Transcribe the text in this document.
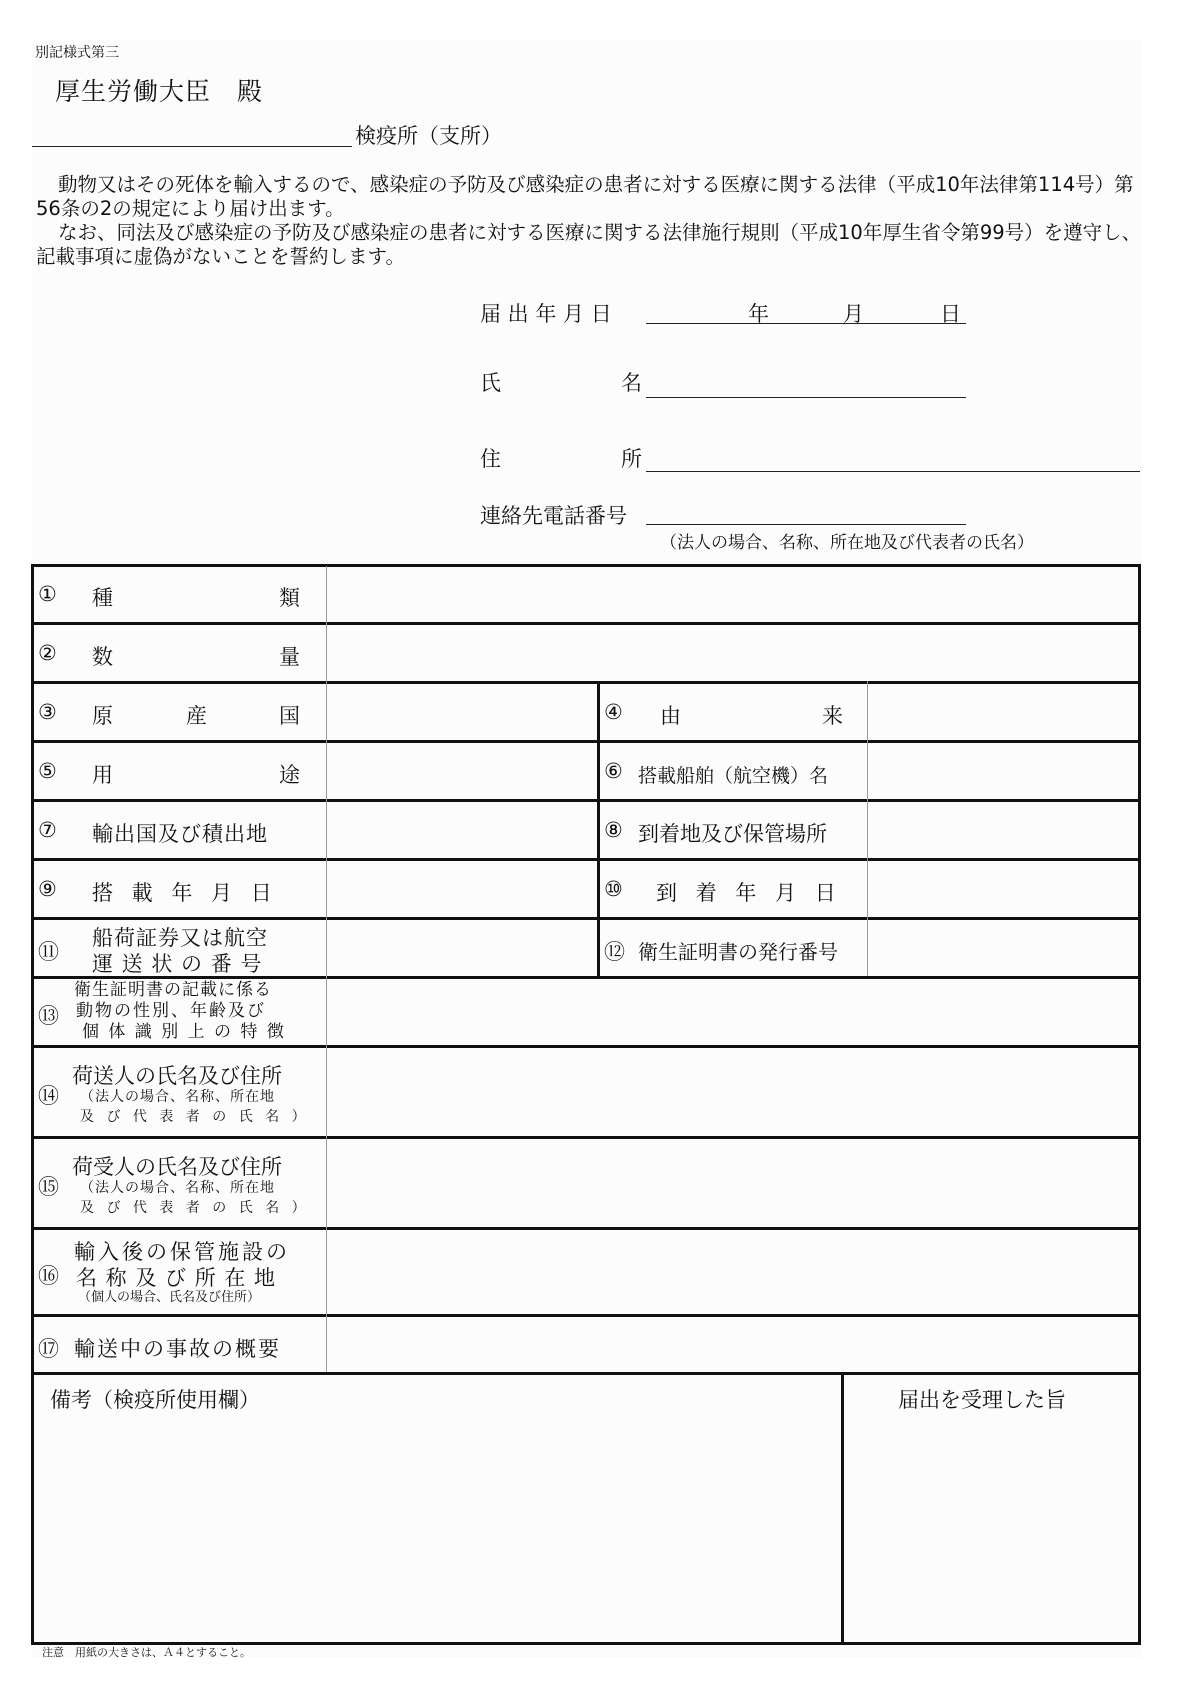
別記様式第三
厚生労働大臣　殿
検疫所（支所）
動物又はその死体を輸入するので、感染症の予防及び感染症の患者に対する医療に関する法律（平成10年法律第114号）第56条の2の規定により届け出ます。
なお、同法及び感染症の予防及び感染症の患者に対する医療に関する法律施行規則（平成10年厚生省令第99号）を遵守し、記載事項に虚偽がないことを誓約します。
届 出 年 月 日	年	月	日
氏	名
住	所
連絡先電話番号
（法人の場合、名称、所在地及び代表者の氏名）
① 種	類
② 数	量
③ 原	産	国	④ 由	来
⑤ 用	途	⑥ 搭載船舶（航空機）名
⑦ 輸出国及び積出地	⑧ 到着地及び保管場所
⑨ 搭 載 年 月 日	⑩ 到 着 年 月 日
⑪
船荷証券又は航空
運 送 状 の 番 号	⑫ 衛生証明書の発行番号
⑬
衛生証明書の記載に係る
動物の性別、年齢及び
個 体 識 別 上 の 特 徴
⑭
荷送人の氏名及び住所
（法人の場合、名称、所在地
及 び 代 表 者 の 氏 名 ）
⑮
荷受人の氏名及び住所
（法人の場合、名称、所在地
及 び 代 表 者 の 氏 名 ）
⑯
輸入後の保管施設の
名 称 及 び 所 在 地
（個人の場合、氏名及び住所）
⑰ 輸送中の事故の概要
備考（検疫所使用欄）	届出を受理した旨
注意　用紙の大きさは、Ａ４とすること。
